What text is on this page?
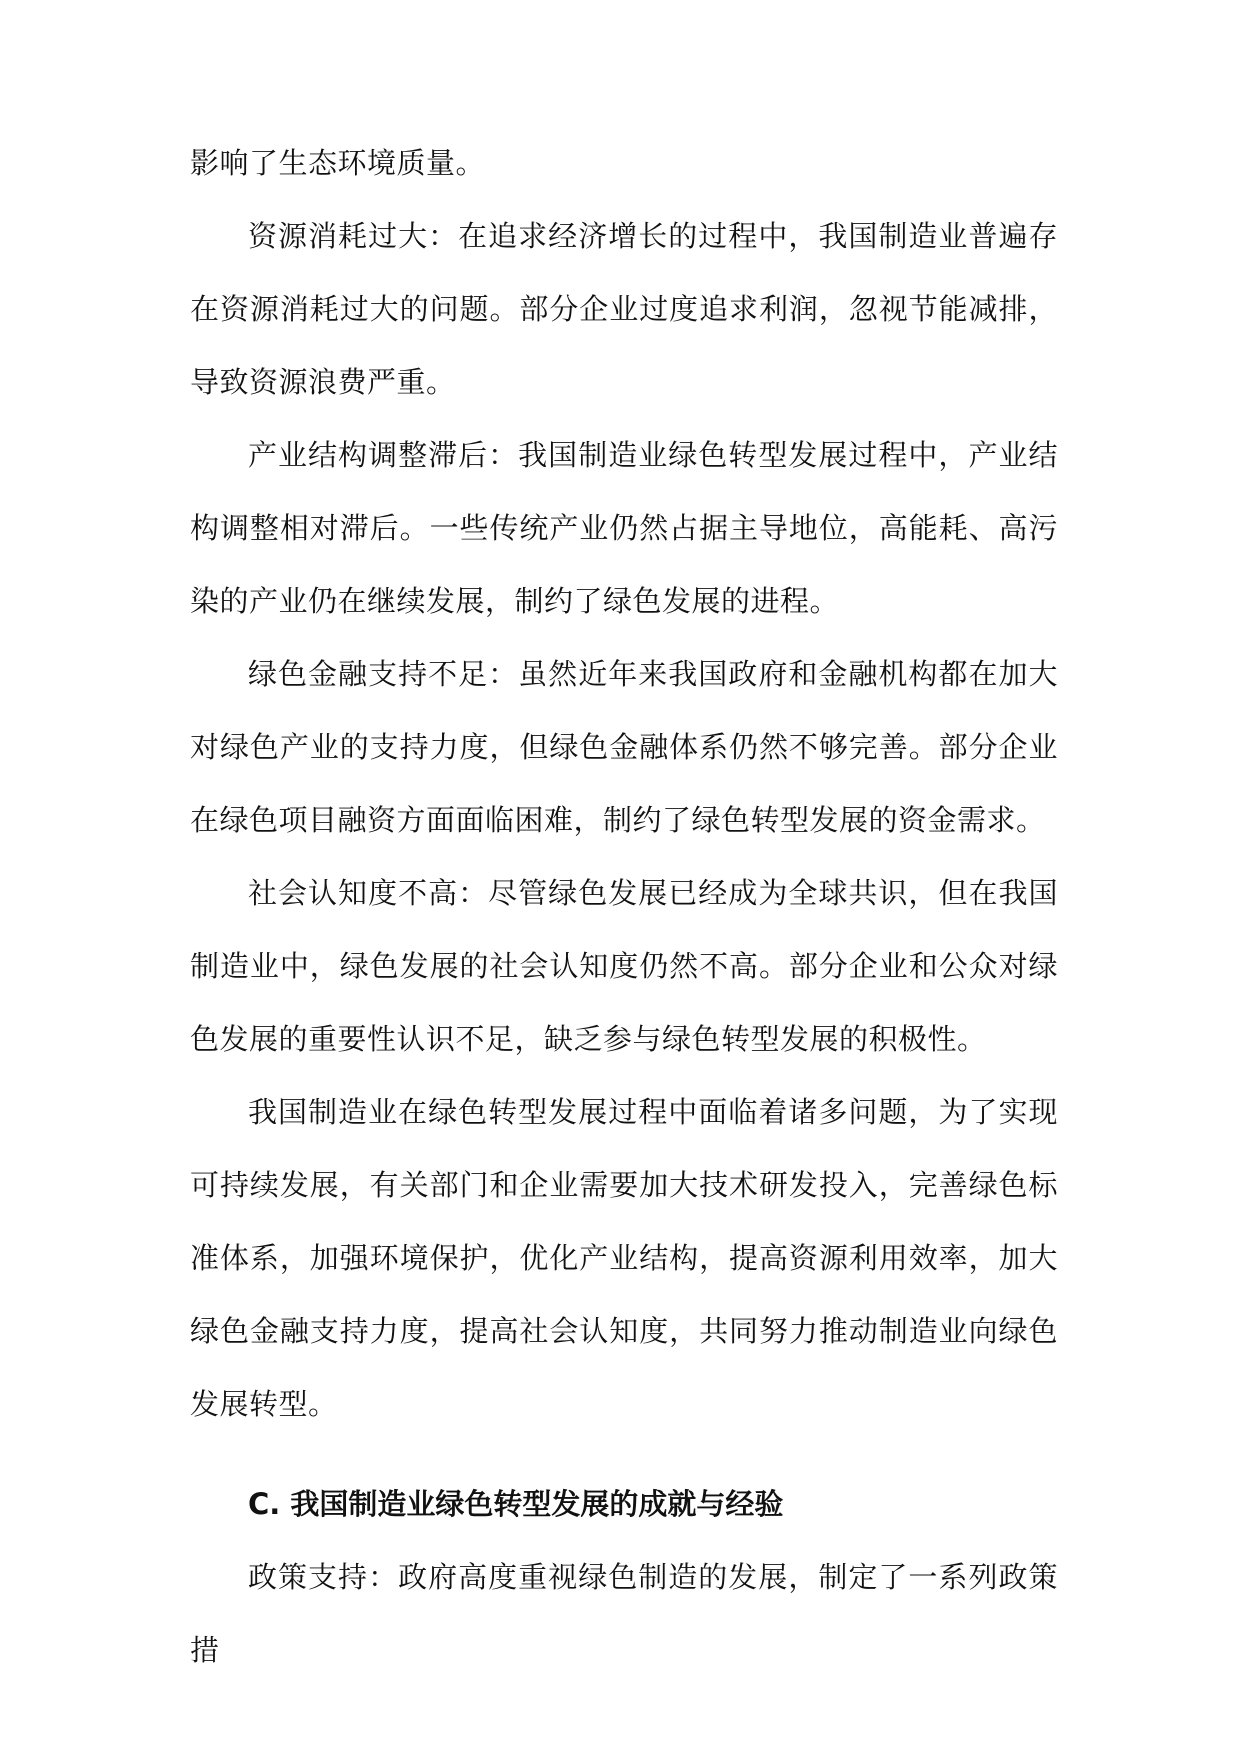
影响了生态环境质量。

资源消耗过大：在追求经济增长的过程中，我国制造业普遍存在资源消耗过大的问题。部分企业过度追求利润，忽视节能减排，导致资源浪费严重。

产业结构调整滞后：我国制造业绿色转型发展过程中，产业结构调整相对滞后。一些传统产业仍然占据主导地位，高能耗、高污染的产业仍在继续发展，制约了绿色发展的进程。

绿色金融支持不足：虽然近年来我国政府和金融机构都在加大对绿色产业的支持力度，但绿色金融体系仍然不够完善。部分企业在绿色项目融资方面面临困难，制约了绿色转型发展的资金需求。

社会认知度不高：尽管绿色发展已经成为全球共识，但在我国制造业中，绿色发展的社会认知度仍然不高。部分企业和公众对绿色发展的重要性认识不足，缺乏参与绿色转型发展的积极性。

我国制造业在绿色转型发展过程中面临着诸多问题，为了实现可持续发展，有关部门和企业需要加大技术研发投入，完善绿色标准体系，加强环境保护，优化产业结构，提高资源利用效率，加大绿色金融支持力度，提高社会认知度，共同努力推动制造业向绿色发展转型。

C. 我国制造业绿色转型发展的成就与经验

政策支持：政府高度重视绿色制造的发展，制定了一系列政策措
